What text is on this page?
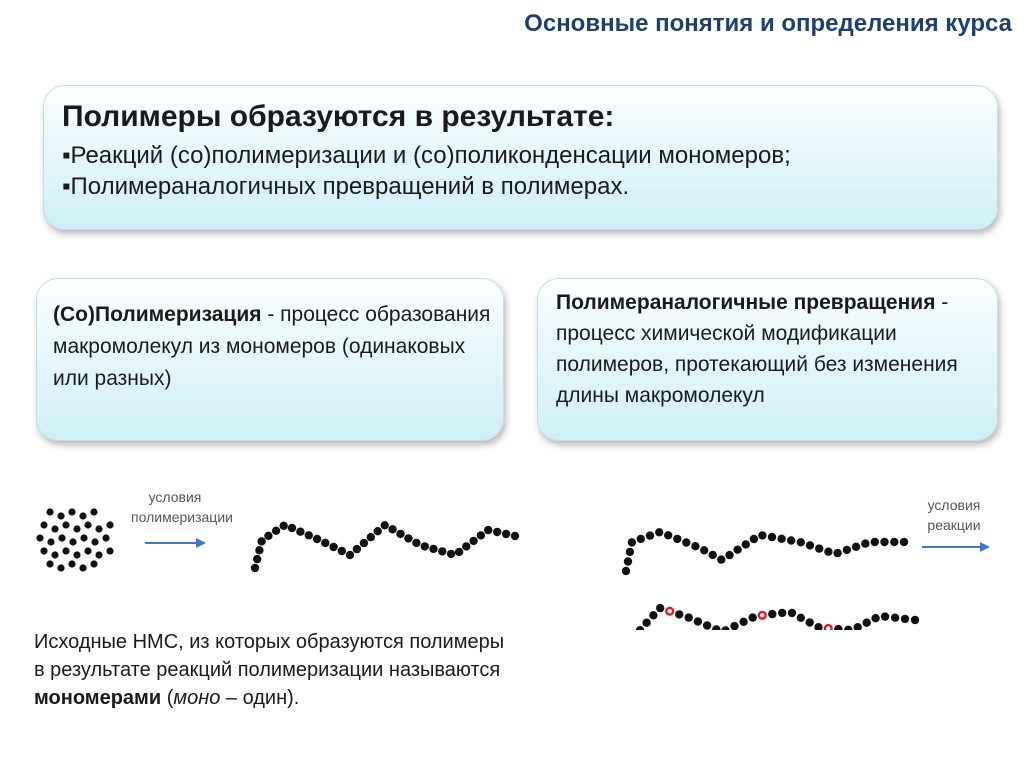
Основные понятия и определения курса
Полимеры образуются в результате:
▪Реакций (со)полимеризации и (со)поликонденсации мономеров;
▪Полимераналогичных превращений в полимерах.
(Со)Полимеризация - процесс образования макромолекул из мономеров (одинаковых или разных)
Полимераналогичные превращения - процесс химической модификации полимеров, протекающий без изменения длины макромолекул
условия
полимеризации
условия
реакции
Исходные НМС, из которых образуются полимеры в результате реакций полимеризации называются мономерами (моно – один).
